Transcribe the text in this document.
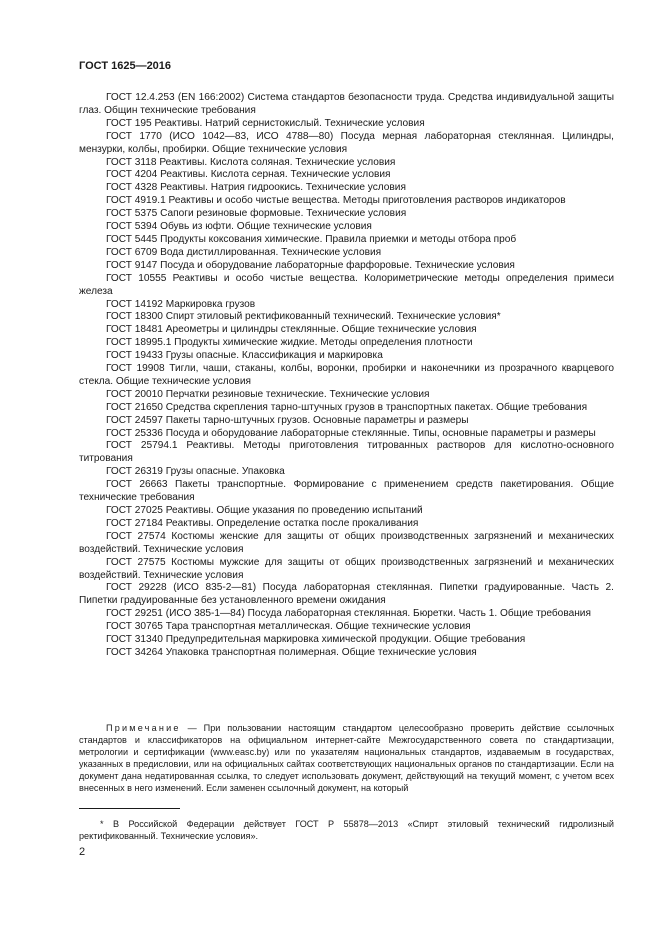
ГОСТ 1625—2016

ГОСТ 12.4.253 (EN 166:2002) Система стандартов безопасности труда. Средства индивидуальной защиты глаз. Общин технические требования

ГОСТ 195 Реактивы. Натрий сернистокислый. Технические условия

ГОСТ 1770 (ИСО 1042—83, ИСО 4788—80) Посуда мерная лабораторная стеклянная. Цилиндры, мензурки, колбы, пробирки. Общие технические условия

ГОСТ 3118 Реактивы. Кислота соляная. Технические условия

ГОСТ 4204 Реактивы. Кислота серная. Технические условия

ГОСТ 4328 Реактивы. Натрия гидроокись. Технические условия

ГОСТ 4919.1 Реактивы и особо чистые вещества. Методы приготовления растворов индикаторов

ГОСТ 5375 Сапоги резиновые формовые. Технические условия

ГОСТ 5394 Обувь из юфти. Общие технические условия

ГОСТ 5445 Продукты коксования химические. Правила приемки и методы отбора проб

ГОСТ 6709 Вода дистиллированная. Технические условия

ГОСТ 9147 Посуда и оборудование лабораторные фарфоровые. Технические условия

ГОСТ 10555 Реактивы и особо чистые вещества. Колориметрические методы определения примеси железа

ГОСТ 14192 Маркировка грузов

ГОСТ 18300 Спирт этиловый ректификованный технический. Технические условия*

ГОСТ 18481 Ареометры и цилиндры стеклянные. Общие технические условия

ГОСТ 18995.1 Продукты химические жидкие. Методы определения плотности

ГОСТ 19433 Грузы опасные. Классификация и маркировка

ГОСТ 19908 Тигли, чаши, стаканы, колбы, воронки, пробирки и наконечники из прозрачного кварцевого стекла. Общие технические условия

ГОСТ 20010 Перчатки резиновые технические. Технические условия

ГОСТ 21650 Средства скрепления тарно-штучных грузов в транспортных пакетах. Общие требования

ГОСТ 24597 Пакеты тарно-штучных грузов. Основные параметры и размеры

ГОСТ 25336 Посуда и оборудование лабораторные стеклянные. Типы, основные параметры и размеры

ГОСТ 25794.1 Реактивы. Методы приготовления титрованных растворов для кислотно-основного титрования

ГОСТ 26319 Грузы опасные. Упаковка

ГОСТ 26663 Пакеты транспортные. Формирование с применением средств пакетирования. Общие технические требования

ГОСТ 27025 Реактивы. Общие указания по проведению испытаний

ГОСТ 27184 Реактивы. Определение остатка после прокаливания

ГОСТ 27574 Костюмы женские для защиты от общих производственных загрязнений и механических воздействий. Технические условия

ГОСТ 27575 Костюмы мужские для защиты от общих производственных загрязнений и механических воздействий. Технические условия

ГОСТ 29228 (ИСО 835-2—81) Посуда лабораторная стеклянная. Пипетки градуированные. Часть 2. Пипетки градуированные без установленного времени ожидания

ГОСТ 29251 (ИСО 385-1—84) Посуда лабораторная стеклянная. Бюретки. Часть 1. Общие требования

ГОСТ 30765 Тара транспортная металлическая. Общие технические условия

ГОСТ 31340 Предупредительная маркировка химической продукции. Общие требования

ГОСТ 34264 Упаковка транспортная полимерная. Общие технические условия

Примечание — При пользовании настоящим стандартом целесообразно проверить действие ссылочных стандартов и классификаторов на официальном интернет-сайте Межгосударственного совета по стандартизации, метрологии и сертификации (www.easc.by) или по указателям национальных стандартов, издаваемым в государствах, указанных в предисловии, или на официальных сайтах соответствующих национальных органов по стандартизации. Если на документ дана недатированная ссылка, то следует использовать документ, действующий на текущий момент, с учетом всех внесенных в него изменений. Если заменен ссылочный документ, на который

* В Российской Федерации действует ГОСТ Р 55878—2013 «Спирт этиловый технический гидролизный ректификованный. Технические условия».

2
